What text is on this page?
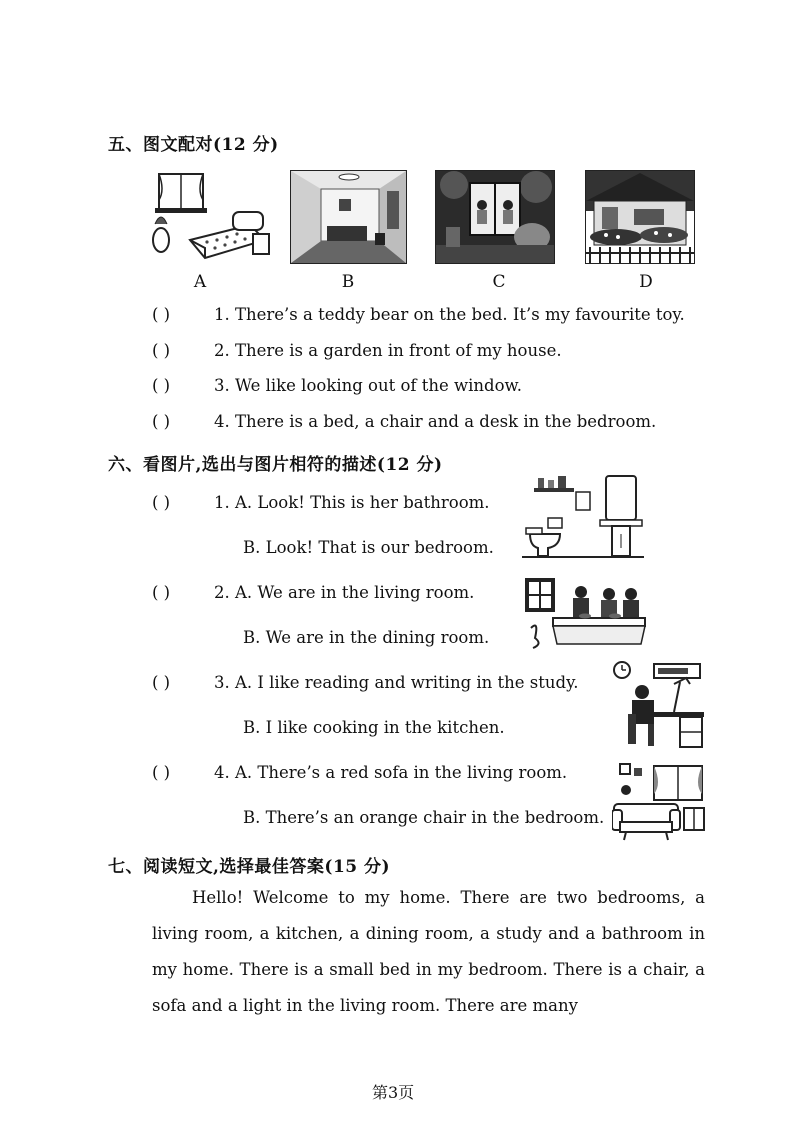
五、图文配对(12 分)
A	B	C	D
( )	1. There’s a teddy bear on the bed. It’s my favourite toy.
( )	2. There is a garden in front of my house.
( )	3. We like looking out of the window.
( )	4. There is a bed, a chair and a desk in the bedroom.
六、看图片,选出与图片相符的描述(12 分)
( )	1. A. Look! This is her bathroom.
B. Look! That is our bedroom.
( )	2. A. We are in the living room.
B. We are in the dining room.
( )	3. A. I like reading and writing in the study.
B. I like cooking in the kitchen.
( )	4. A. There’s a red sofa in the living room.
B. There’s an orange chair in the bedroom.
七、阅读短文,选择最佳答案(15 分)
Hello! Welcome to my home. There are two bedrooms, a living room, a kitchen, a dining room, a study and a bathroom in my home. There is a small bed in my bedroom. There is a chair, a sofa and a light in the living room. There are many
第3页
